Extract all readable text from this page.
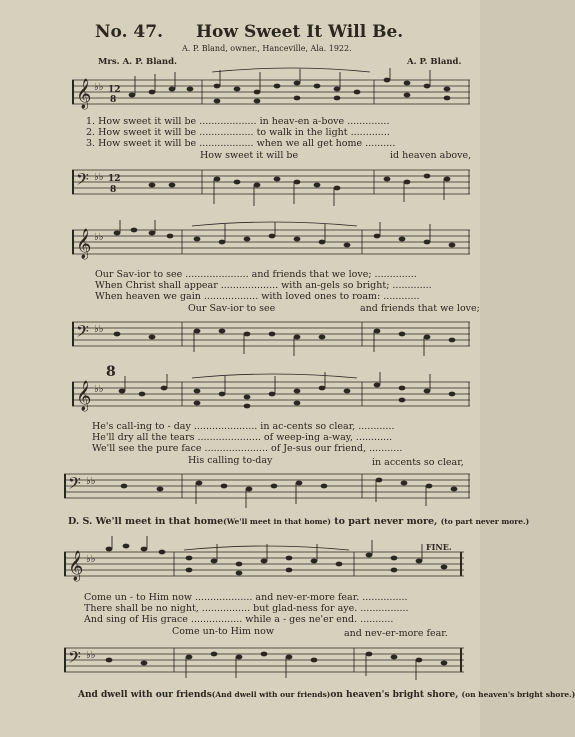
No. 47. How Sweet It Will Be.
A. P. Bland, owner., Hanceville, Ala. 1922.
Mrs. A. P. Bland.	A. P. Bland.
𝄞 ♭♭ 12
8
1. How sweet it will be ................... in heav-en a-bove ..............
2. How sweet it will be .................. to walk in the light .............
3. How sweet it will be .................. when we all get home ..........
How sweet it will be	id heaven above,
𝄢 ♭♭ 12
8
𝄞 ♭♭
Our Sav-ior to see ..................... and friends that we love; ..............
When Christ shall appear ................... with an-gels so bright; .............
When heaven we gain .................. with loved ones to roam: ............
Our Sav-ior to see	and friends that we love;
𝄢 ♭♭
𝄞 ♭♭
8
He's call-ing to - day ..................... in ac-cents so clear, ............
He'll dry all the tears ..................... of weep-ing a-way, ............
We'll see the pure face ..................... of Je-sus our friend, ...........
His calling to-day	in accents so clear,
𝄢 ♭♭
D. S. We'll meet in that home(We'll meet in that home) to part never more, (to part never more.)
𝄞 ♭♭
FINE.
Come un - to Him now ................... and nev-er-more fear. ...............
There shall be no night, ................ but glad-ness for aye. ................
And sing of His grace ................. while a - ges ne'er end. ...........
Come un-to Him now	and nev-er-more fear.
𝄢 ♭♭
And dwell with our friends(And dwell with our friends)on heaven's bright shore, (on heaven's bright shore.)
